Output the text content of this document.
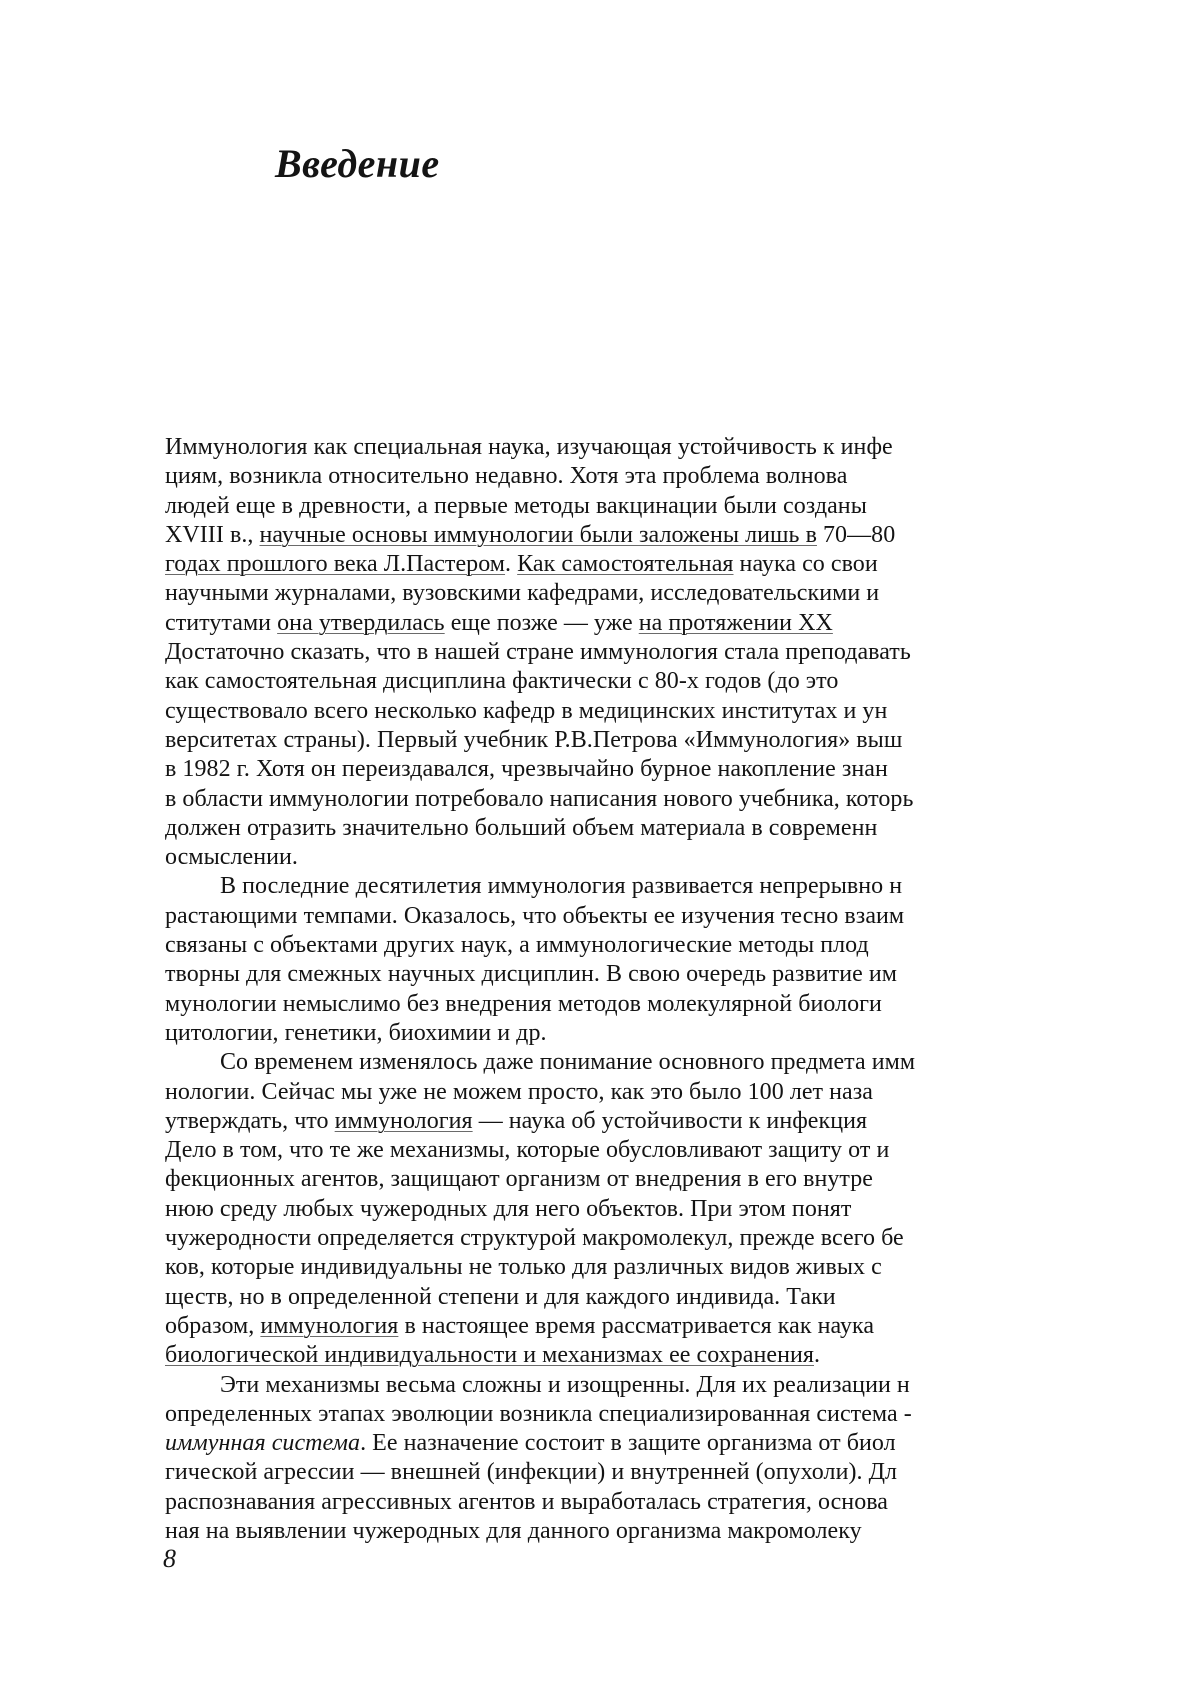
Введение
Иммунология как специальная наука, изучающая устойчивость к инфе
циям, возникла относительно недавно. Хотя эта проблема волнова
людей еще в древности, а первые методы вакцинации были созданы
XVIII в., научные основы иммунологии были заложены лишь в 70—80
годах прошлого века Л.Пастером. Как самостоятельная наука со свои
научными журналами, вузовскими кафедрами, исследовательскими и
ститутами она утвердилась еще позже — уже на протяжении XX
Достаточно сказать, что в нашей стране иммунология стала преподавать
как самостоятельная дисциплина фактически с 80-х годов (до это
существовало всего несколько кафедр в медицинских институтах и ун
верситетах страны). Первый учебник Р.В.Петрова «Иммунология» выш
в 1982 г. Хотя он переиздавался, чрезвычайно бурное накопление знан
в области иммунологии потребовало написания нового учебника, которь
должен отразить значительно больший объем материала в современн
осмыслении.
В последние десятилетия иммунология развивается непрерывно н
растающими темпами. Оказалось, что объекты ее изучения тесно взаим
связаны с объектами других наук, а иммунологические методы плод
творны для смежных научных дисциплин. В свою очередь развитие им
мунологии немыслимо без внедрения методов молекулярной биологи
цитологии, генетики, биохимии и др.
Со временем изменялось даже понимание основного предмета имм
нологии. Сейчас мы уже не можем просто, как это было 100 лет наза
утверждать, что иммунология — наука об устойчивости к инфекция
Дело в том, что те же механизмы, которые обусловливают защиту от и
фекционных агентов, защищают организм от внедрения в его внутре
нюю среду любых чужеродных для него объектов. При этом понят
чужеродности определяется структурой макромолекул, прежде всего бе
ков, которые индивидуальны не только для различных видов живых с
ществ, но в определенной степени и для каждого индивида. Таки
образом, иммунология в настоящее время рассматривается как наука
биологической индивидуальности и механизмах ее сохранения.
Эти механизмы весьма сложны и изощренны. Для их реализации н
определенных этапах эволюции возникла специализированная система -
иммунная система. Ее назначение состоит в защите организма от биол
гической агрессии — внешней (инфекции) и внутренней (опухоли). Дл
распознавания агрессивных агентов и выработалась стратегия, основа
ная на выявлении чужеродных для данного организма макромолеку
8
